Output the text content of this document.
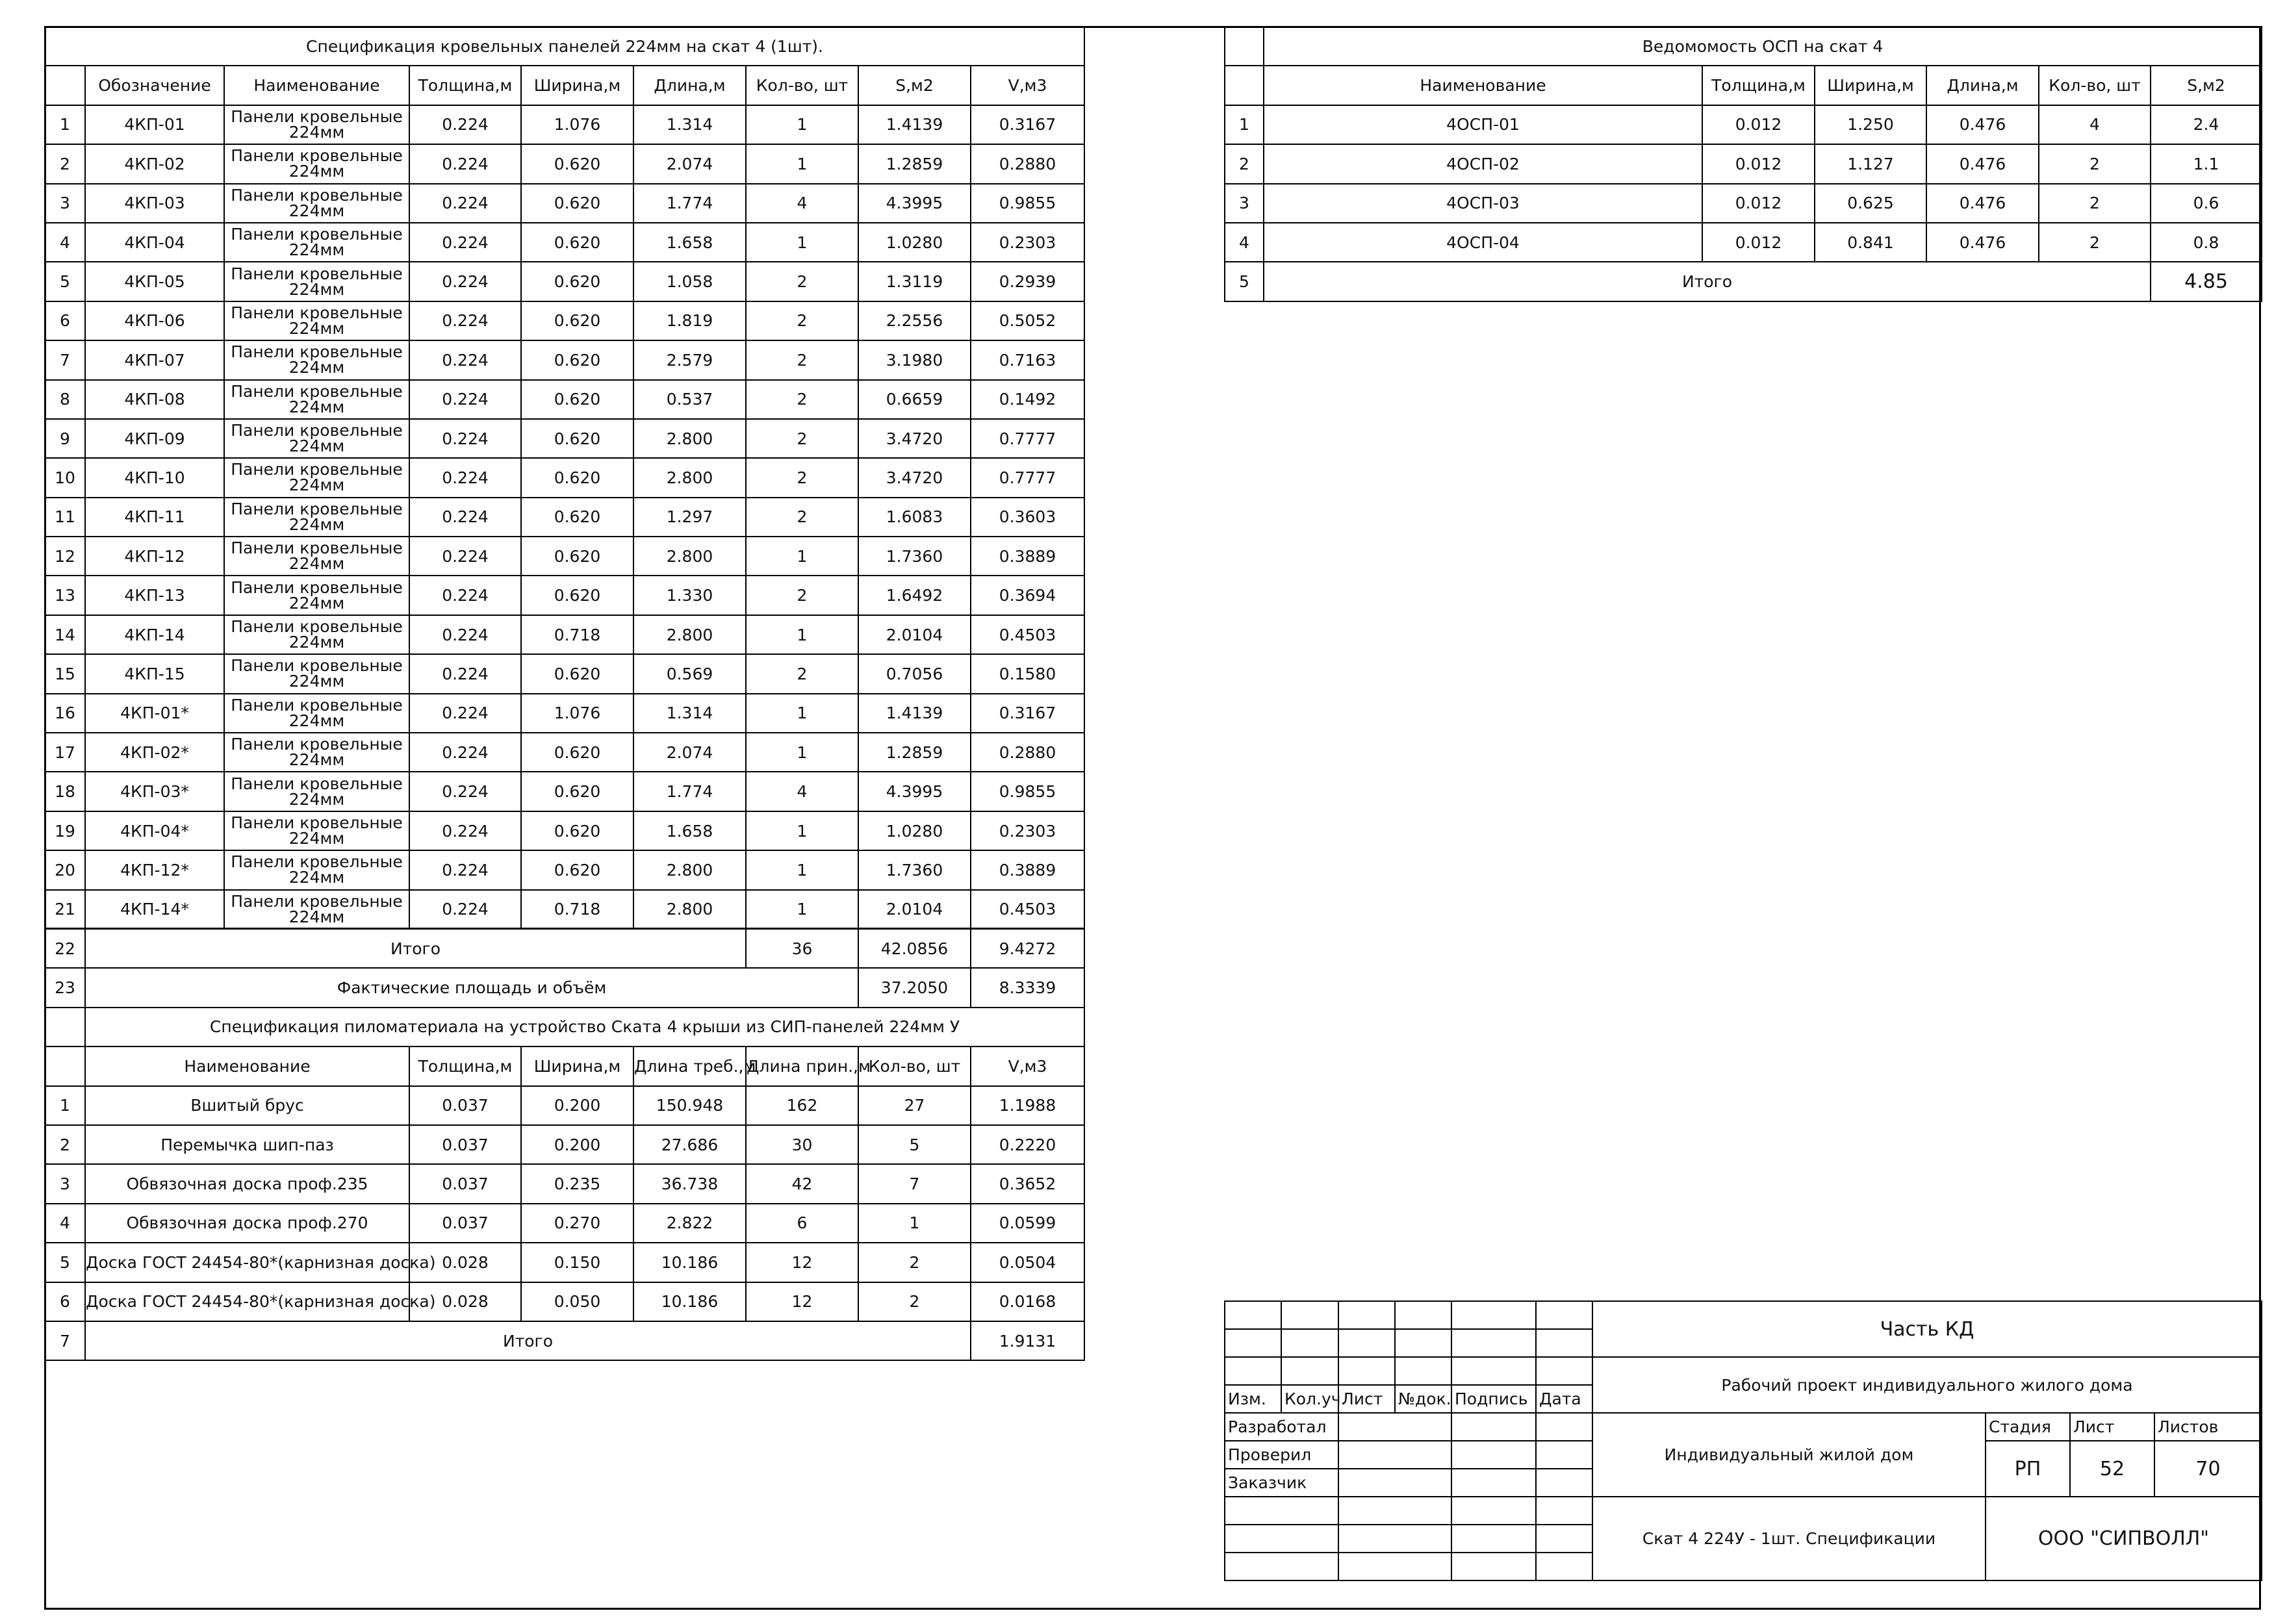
Спецификация кровельных панелей 224мм на скат 4 (1шт).								
	Обозначение	Наименование	Толщина,м	Ширина,м	Длина,м	Кол-во, шт	S,м2	V,м3
1	4КП-01	Панели кровельные 224мм	0.224	1.076	1.314	1	1.4139	0.3167
2	4КП-02	Панели кровельные 224мм	0.224	0.620	2.074	1	1.2859	0.2880
3	4КП-03	Панели кровельные 224мм	0.224	0.620	1.774	4	4.3995	0.9855
4	4КП-04	Панели кровельные 224мм	0.224	0.620	1.658	1	1.0280	0.2303
5	4КП-05	Панели кровельные 224мм	0.224	0.620	1.058	2	1.3119	0.2939
6	4КП-06	Панели кровельные 224мм	0.224	0.620	1.819	2	2.2556	0.5052
7	4КП-07	Панели кровельные 224мм	0.224	0.620	2.579	2	3.1980	0.7163
8	4КП-08	Панели кровельные 224мм	0.224	0.620	0.537	2	0.6659	0.1492
9	4КП-09	Панели кровельные 224мм	0.224	0.620	2.800	2	3.4720	0.7777
10	4КП-10	Панели кровельные 224мм	0.224	0.620	2.800	2	3.4720	0.7777
11	4КП-11	Панели кровельные 224мм	0.224	0.620	1.297	2	1.6083	0.3603
12	4КП-12	Панели кровельные 224мм	0.224	0.620	2.800	1	1.7360	0.3889
13	4КП-13	Панели кровельные 224мм	0.224	0.620	1.330	2	1.6492	0.3694
14	4КП-14	Панели кровельные 224мм	0.224	0.718	2.800	1	2.0104	0.4503
15	4КП-15	Панели кровельные 224мм	0.224	0.620	0.569	2	0.7056	0.1580
16	4КП-01*	Панели кровельные 224мм	0.224	1.076	1.314	1	1.4139	0.3167
17	4КП-02*	Панели кровельные 224мм	0.224	0.620	2.074	1	1.2859	0.2880
18	4КП-03*	Панели кровельные 224мм	0.224	0.620	1.774	4	4.3995	0.9855
19	4КП-04*	Панели кровельные 224мм	0.224	0.620	1.658	1	1.0280	0.2303
20	4КП-12*	Панели кровельные 224мм	0.224	0.620	2.800	1	1.7360	0.3889
21	4КП-14*	Панели кровельные 224мм	0.224	0.718	2.800	1	2.0104	0.4503
22	Итого					36	42.0856	9.4272
23	Фактические площадь и объём						37.2050	8.3339
	Спецификация пиломатериала на устройство Ската 4 крыши из СИП-панелей 224мм У							
	Наименование		Толщина,м	Ширина,м	Длина треб.,м	Длина прин.,м	Кол-во, шт	V,м3
1	Вшитый брус		0.037	0.200	150.948	162	27	1.1988
2	Перемычка шип-паз		0.037	0.200	27.686	30	5	0.2220
3	Обвязочная доска проф.235		0.037	0.235	36.738	42	7	0.3652
4	Обвязочная доска проф.270		0.037	0.270	2.822	6	1	0.0599
5	Доска ГОСТ 24454-80*(карнизная доска)		0.028	0.150	10.186	12	2	0.0504
6	Доска ГОСТ 24454-80*(карнизная доска)		0.028	0.050	10.186	12	2	0.0168
7	Итого							1.9131
	Ведомомость ОСП на скат 4					
	Наименование	Толщина,м	Ширина,м	Длина,м	Кол-во, шт	S,м2
1	4ОСП-01	0.012	1.250	0.476	4	2.4
2	4ОСП-02	0.012	1.127	0.476	2	1.1
3	4ОСП-03	0.012	0.625	0.476	2	0.6
4	4ОСП-04	0.012	0.841	0.476	2	0.8
5	Итого					4.85
						Часть КД			

						Рабочий проект индивидуального жилого дома			
Изм.	Кол.уч.	Лист	№док.	Подпись	Дата				
Разработал						Индивидуальный жилой дом	Стадия	Лист	Листов
Проверил							РП	52	70
Заказчик									
						Скат 4 224У - 1шт. Спецификации	ООО "СИПВОЛЛ"		
